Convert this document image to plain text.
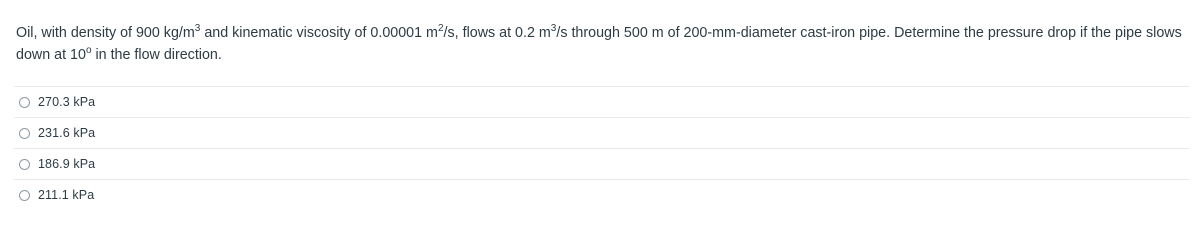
Oil, with density of 900 $kg/m^3$ and kinematic viscosity of 0.00001 $m^2/s$, flows at 0.2 $m^3/s$ through 500 m of 200-mm-diameter cast-iron pipe. Determine the pressure drop if the pipe slows down at 10$^o$ in the flow direction.
270.3 kPa
231.6 kPa
186.9 kPa
211.1 kPa
